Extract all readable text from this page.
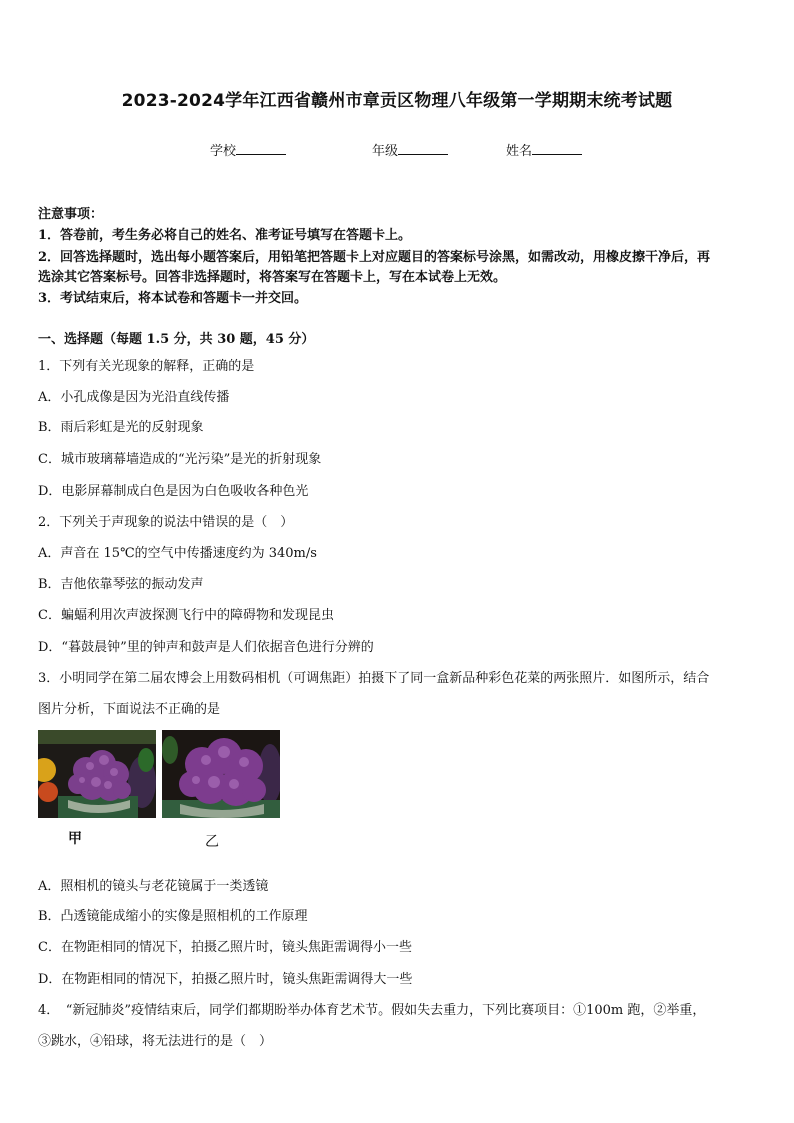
2023-2024学年江西省赣州市章贡区物理八年级第一学期期末统考试题
学校	年级	姓名
注意事项：
1．答卷前，考生务必将自己的姓名、准考证号填写在答题卡上。
2．回答选择题时，选出每小题答案后，用铅笔把答题卡上对应题目的答案标号涂黑，如需改动，用橡皮擦干净后，再
选涂其它答案标号。回答非选择题时，将答案写在答题卡上，写在本试卷上无效。
3．考试结束后，将本试卷和答题卡一并交回。
一、选择题（每题 1.5 分，共 30 题，45 分）
1．下列有关光现象的解释，正确的是
A．小孔成像是因为光沿直线传播
B．雨后彩虹是光的反射现象
C．城市玻璃幕墙造成的“光污染”是光的折射现象
D．电影屏幕制成白色是因为白色吸收各种色光
2．下列关于声现象的说法中错误的是（　）
A．声音在 15℃的空气中传播速度约为 340m/s
B．吉他依靠琴弦的振动发声
C．蝙蝠利用次声波探测飞行中的障碍物和发现昆虫
D．“暮鼓晨钟”里的钟声和鼓声是人们依据音色进行分辨的
3．小明同学在第二届农博会上用数码相机（可调焦距）拍摄下了同一盒新品种彩色花菜的两张照片．如图所示，结合
图片分析，下面说法不正确的是
甲	乙
A．照相机的镜头与老花镜属于一类透镜
B．凸透镜能成缩小的实像是照相机的工作原理
C．在物距相同的情况下，拍摄乙照片时，镜头焦距需调得小一些
D．在物距相同的情况下，拍摄乙照片时，镜头焦距需调得大一些
4．　“新冠肺炎”疫情结束后，同学们都期盼举办体育艺术节。假如失去重力，下列比赛项目：①100m 跑，②举重，
③跳水，④铅球，将无法进行的是（　）
